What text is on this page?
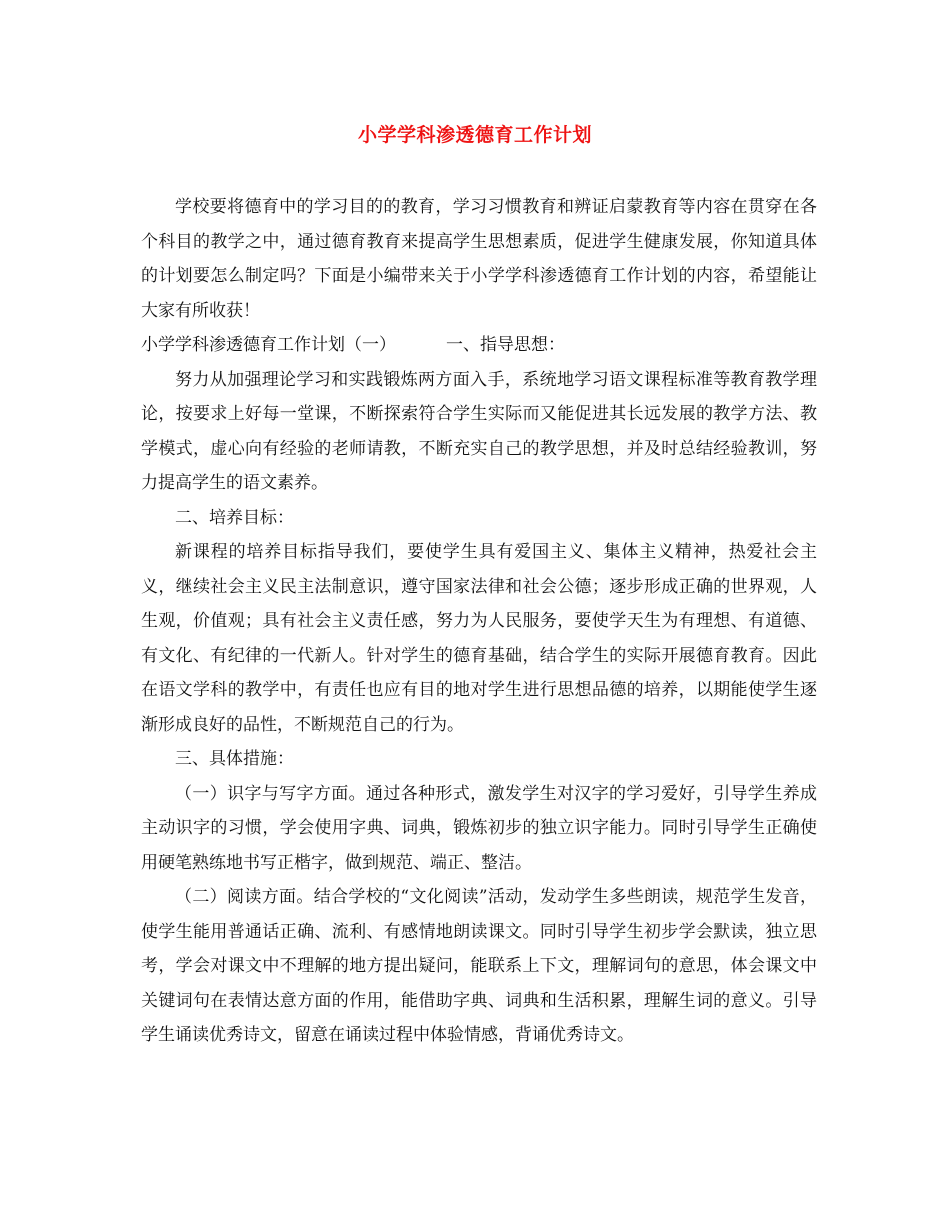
小学学科渗透德育工作计划

学校要将德育中的学习目的的教育，学习习惯教育和辨证启蒙教育等内容在贯穿在各个科目的教学之中，通过德育教育来提高学生思想素质，促进学生健康发展，你知道具体的计划要怎么制定吗？下面是小编带来关于小学学科渗透德育工作计划的内容，希望能让大家有所收获！

小学学科渗透德育工作计划（一）	一、指导思想：

努力从加强理论学习和实践锻炼两方面入手，系统地学习语文课程标准等教育教学理论，按要求上好每一堂课，不断探索符合学生实际而又能促进其长远发展的教学方法、教学模式，虚心向有经验的老师请教，不断充实自己的教学思想，并及时总结经验教训，努力提高学生的语文素养。

二、培养目标：

新课程的培养目标指导我们，要使学生具有爱国主义、集体主义精神，热爱社会主义，继续社会主义民主法制意识，遵守国家法律和社会公德；逐步形成正确的世界观，人生观，价值观；具有社会主义责任感，努力为人民服务，要使学天生为有理想、有道德、有文化、有纪律的一代新人。针对学生的德育基础，结合学生的实际开展德育教育。因此在语文学科的教学中，有责任也应有目的地对学生进行思想品德的培养，以期能使学生逐渐形成良好的品性，不断规范自己的行为。

三、具体措施：

（一）识字与写字方面。通过各种形式，激发学生对汉字的学习爱好，引导学生养成主动识字的习惯，学会使用字典、词典，锻炼初步的独立识字能力。同时引导学生正确使用硬笔熟练地书写正楷字，做到规范、端正、整洁。

（二）阅读方面。结合学校的“文化阅读”活动，发动学生多些朗读，规范学生发音，使学生能用普通话正确、流利、有感情地朗读课文。同时引导学生初步学会默读，独立思考，学会对课文中不理解的地方提出疑问，能联系上下文，理解词句的意思，体会课文中关键词句在表情达意方面的作用，能借助字典、词典和生活积累，理解生词的意义。引导学生诵读优秀诗文，留意在诵读过程中体验情感，背诵优秀诗文。
